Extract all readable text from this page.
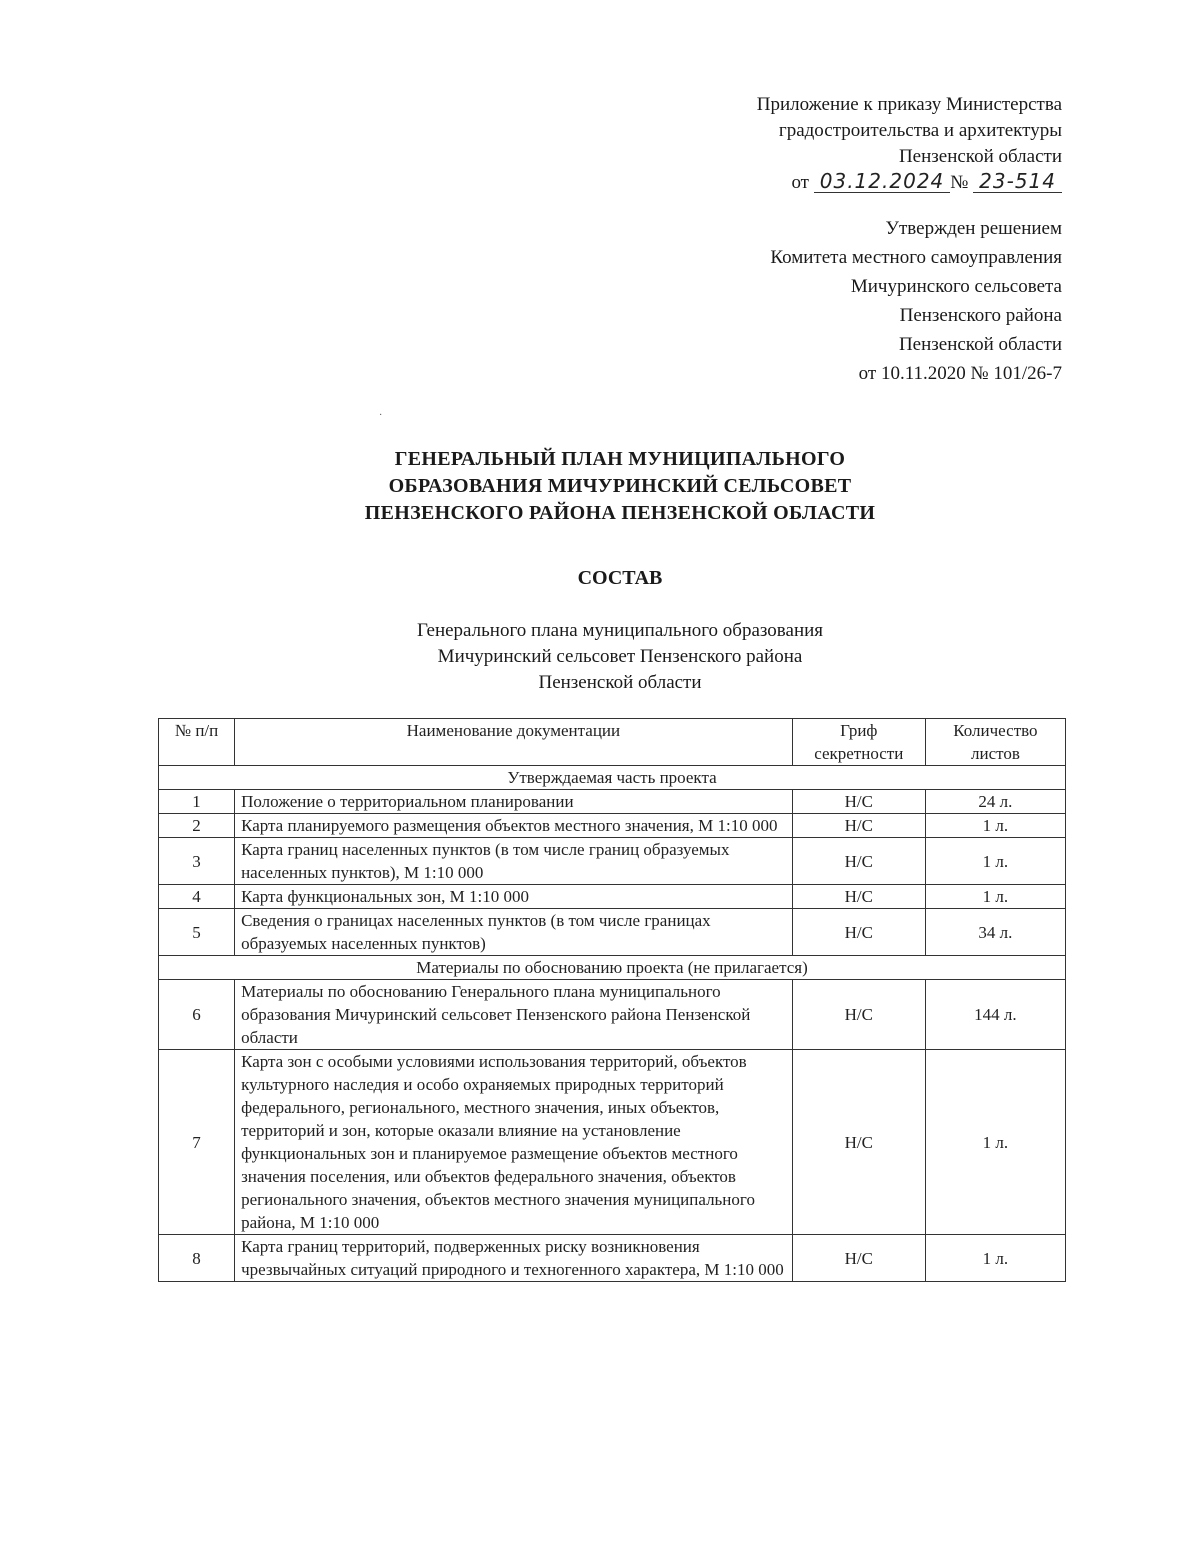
Приложение к приказу Министерства
градостроительства и архитектуры
Пензенской области
от 03.12.2024 № 23-514
Утвержден решением
Комитета местного самоуправления
Мичуринского сельсовета
Пензенского района
Пензенской области
от 10.11.2020 № 101/26-7
·
ГЕНЕРАЛЬНЫЙ ПЛАН МУНИЦИПАЛЬНОГО
ОБРАЗОВАНИЯ МИЧУРИНСКИЙ СЕЛЬСОВЕТ
ПЕНЗЕНСКОГО РАЙОНА ПЕНЗЕНСКОЙ ОБЛАСТИ
СОСТАВ
Генерального плана муниципального образования
Мичуринский сельсовет Пензенского района
Пензенской области
№ п/п	Наименование документации	Гриф секретности	Количество листов
Утверждаемая часть проекта			
1	Положение о территориальном планировании	Н/С	24 л.
2	Карта планируемого размещения объектов местного значения, М 1:10 000	Н/С	1 л.
3	Карта границ населенных пунктов (в том числе границ образуемых населенных пунктов), М 1:10 000	Н/С	1 л.
4	Карта функциональных зон, М 1:10 000	Н/С	1 л.
5	Сведения о границах населенных пунктов (в том числе границах образуемых населенных пунктов)	Н/С	34 л.
Материалы по обоснованию проекта (не прилагается)			
6	Материалы по обоснованию Генерального плана муниципального образования Мичуринский сельсовет Пензенского района Пензенской области	Н/С	144 л.
7	Карта зон с особыми условиями использования территорий, объектов культурного наследия и особо охраняемых природных территорий федерального, регионального, местного значения, иных объектов, территорий и зон, которые оказали влияние на установление функциональных зон и планируемое размещение объектов местного значения поселения, или объектов федерального значения, объектов регионального значения, объектов местного значения муниципального района, М 1:10 000	Н/С	1 л.
8	Карта границ территорий, подверженных риску возникновения чрезвычайных ситуаций природного и техногенного характера, М 1:10 000	Н/С	1 л.
